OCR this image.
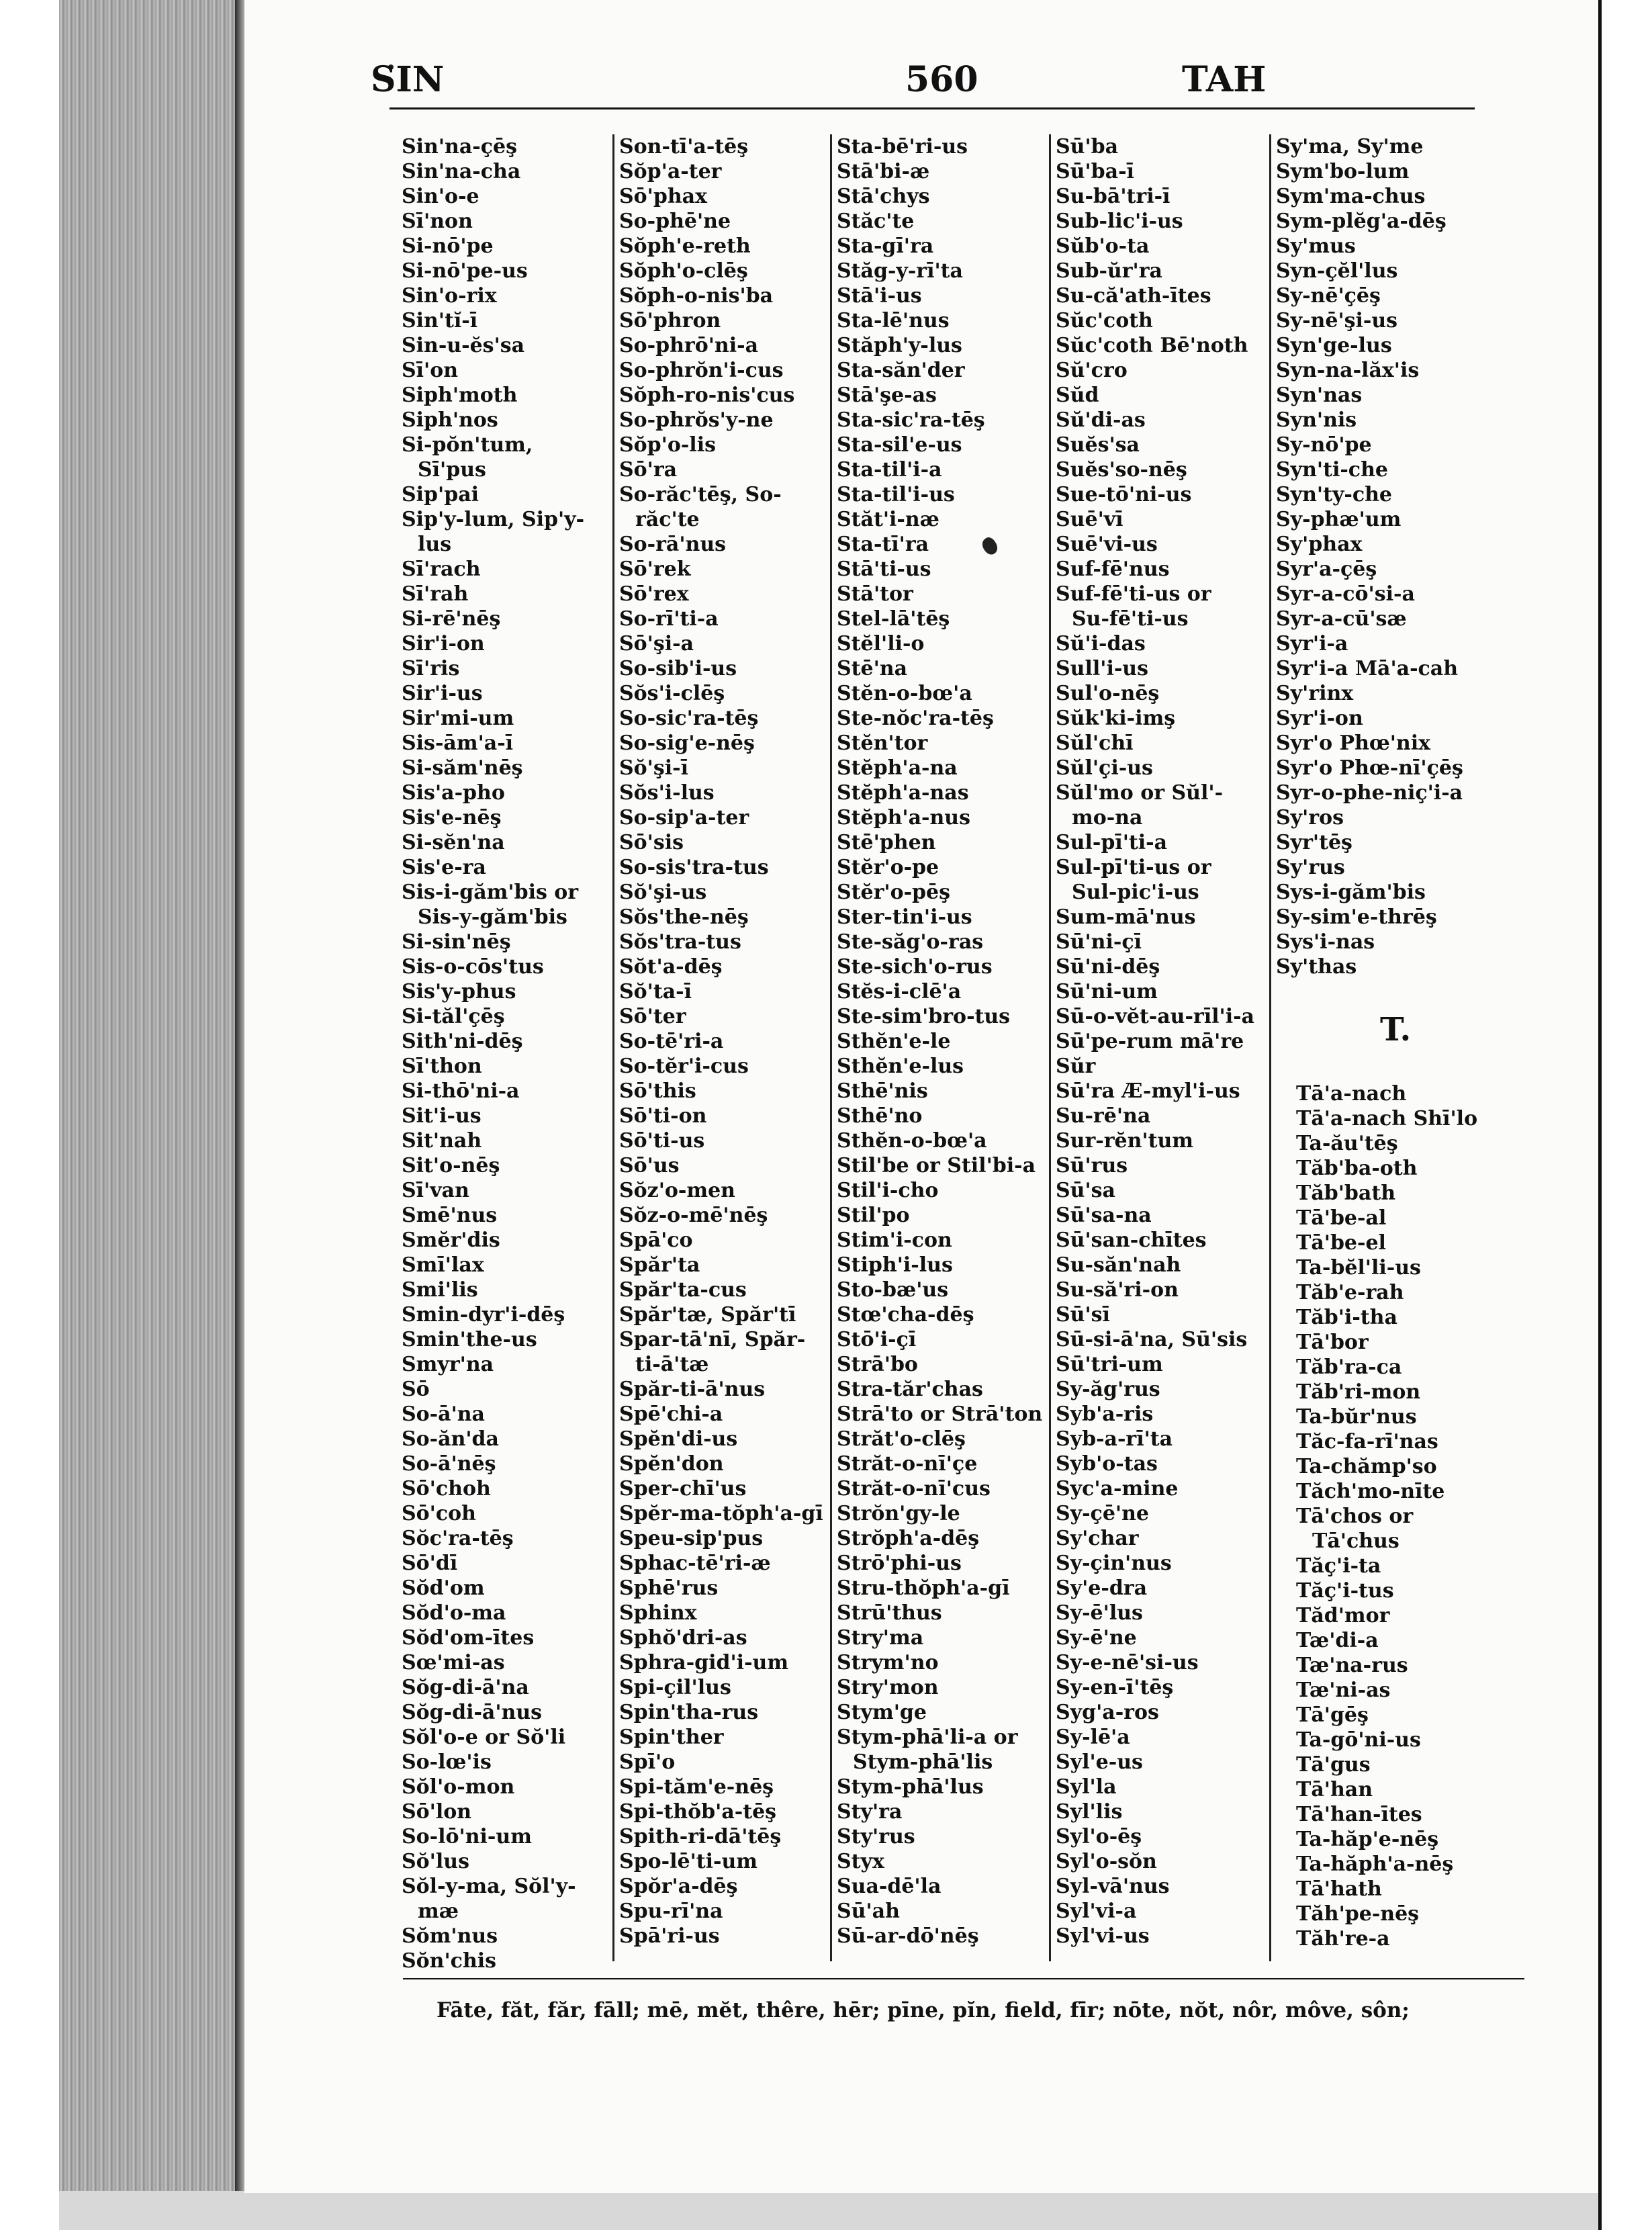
SIN	560	TAH
Sin'na-çēş
Sin'na-cha
Sin'o-e
Sī'non
Si-nō'pe
Si-nō'pe-us
Sin'o-rix
Sin'tĭ-ī
Sin-u-ĕs'sa
Sī'on
Siph'moth
Siph'nos
Si-pŏn'tum,
Sī'pus
Sip'pai
Sip'y-lum, Sip'y-
lus
Sī'rach
Sī'rah
Si-rē'nēş
Sir'i-on
Sī'ris
Sir'i-us
Sir'mi-um
Sis-ām'a-ī
Si-săm'nēş
Sis'a-pho
Sis'e-nēş
Si-sĕn'na
Sis'e-ra
Sis-i-găm'bis or
Sis-y-găm'bis
Si-sin'nēş
Sis-o-cōs'tus
Sis'y-phus
Si-tăl'çēş
Sith'ni-dēş
Sī'thon
Si-thō'ni-a
Sit'i-us
Sit'nah
Sit'o-nēş
Sī'van
Smē'nus
Smĕr'dis
Smī'lax
Smi'lis
Smin-dyr'i-dēş
Smin'the-us
Smyr'na
Sō
So-ā'na
So-ăn'da
So-ā'nēş
Sō'choh
Sō'coh
Sŏc'ra-tēş
Sō'dī
Sŏd'om
Sŏd'o-ma
Sŏd'om-ītes
Sœ'mi-as
Sŏg-di-ā'na
Sŏg-di-ā'nus
Sŏl'o-e or Sŏ'li
So-lœ'is
Sŏl'o-mon
Sō'lon
So-lō'ni-um
Sŏ'lus
Sŏl-y-ma, Sŏl'y-
mæ
Sŏm'nus
Sŏn'chis
Son-tī'a-tēş
Sŏp'a-ter
Sō'phax
So-phē'ne
Sŏph'e-reth
Sŏph'o-clēş
Sŏph-o-nis'ba
Sō'phron
So-phrō'ni-a
So-phrŏn'i-cus
Sŏph-ro-nis'cus
So-phrŏs'y-ne
Sŏp'o-lis
Sō'ra
So-răc'tēş, So-
răc'te
So-rā'nus
Sō'rek
Sō'rex
So-rī'ti-a
Sō'şi-a
So-sib'i-us
Sŏs'i-clēş
So-sic'ra-tēş
So-sig'e-nēş
Sŏ'şi-ī
Sŏs'i-lus
So-sip'a-ter
Sō'sis
So-sis'tra-tus
Sŏ'şi-us
Sŏs'the-nēş
Sŏs'tra-tus
Sŏt'a-dēş
Sŏ'ta-ī
Sō'ter
So-tē'ri-a
So-tĕr'i-cus
Sō'this
Sō'ti-on
Sō'ti-us
Sō'us
Sŏz'o-men
Sŏz-o-mē'nēş
Spā'co
Spăr'ta
Spăr'ta-cus
Spăr'tæ, Spăr'tī
Spar-tā'nī, Spăr-
ti-ā'tæ
Spăr-ti-ā'nus
Spē'chi-a
Spĕn'di-us
Spĕn'don
Sper-chī'us
Spĕr-ma-tŏph'a-gī
Speu-sip'pus
Sphac-tē'ri-æ
Sphē'rus
Sphinx
Sphŏ'dri-as
Sphra-gid'i-um
Spi-çil'lus
Spin'tha-rus
Spin'ther
Spī'o
Spi-tăm'e-nēş
Spi-thŏb'a-tēş
Spith-ri-dā'tēş
Spo-lē'ti-um
Spŏr'a-dēş
Spu-rī'na
Spā'ri-us
Sta-bē'ri-us
Stā'bi-æ
Stā'chys
Stăc'te
Sta-gī'ra
Stăg-y-rī'ta
Stā'i-us
Sta-lē'nus
Stăph'y-lus
Sta-săn'der
Stā'şe-as
Sta-sic'ra-tēş
Sta-sil'e-us
Sta-til'i-a
Sta-til'i-us
Stăt'i-næ
Sta-tī'ra
Stā'ti-us
Stā'tor
Stel-lā'tēş
Stĕl'li-o
Stē'na
Stĕn-o-bœ'a
Ste-nŏc'ra-tēş
Stĕn'tor
Stĕph'a-na
Stĕph'a-nas
Stĕph'a-nus
Stē'phen
Stĕr'o-pe
Stĕr'o-pēş
Ster-tin'i-us
Ste-săg'o-ras
Ste-sich'o-rus
Stĕs-i-clē'a
Ste-sim'bro-tus
Sthĕn'e-le
Sthĕn'e-lus
Sthē'nis
Sthē'no
Sthĕn-o-bœ'a
Stil'be or Stil'bi-a
Stil'i-cho
Stil'po
Stim'i-con
Stiph'i-lus
Sto-bæ'us
Stœ'cha-dēş
Stō'i-çī
Strā'bo
Stra-tăr'chas
Strā'to or Strā'ton
Străt'o-clēş
Străt-o-nī'çe
Străt-o-nī'cus
Strŏn'gy-le
Strŏph'a-dēş
Strō'phi-us
Stru-thŏph'a-gī
Strū'thus
Stry'ma
Strym'no
Stry'mon
Stym'ge
Stym-phā'li-a or
Stym-phā'lis
Stym-phā'lus
Sty'ra
Sty'rus
Styx
Sua-dē'la
Sū'ah
Sū-ar-dō'nēş
Sū'ba
Sū'ba-ī
Su-bā'tri-ī
Sub-lic'i-us
Sŭb'o-ta
Sub-ŭr'ra
Su-că'ath-ītes
Sŭc'coth
Sŭc'coth Bē'noth
Sŭ'cro
Sŭd
Sŭ'di-as
Suĕs'sa
Suĕs'so-nēş
Sue-tō'ni-us
Suē'vī
Suē'vi-us
Suf-fē'nus
Suf-fē'ti-us or
Su-fē'ti-us
Sŭ'i-das
Sull'i-us
Sul'o-nēş
Sŭk'ki-imş
Sŭl'chī
Sŭl'çi-us
Sŭl'mo or Sŭl'-
mo-na
Sul-pī'ti-a
Sul-pī'ti-us or
Sul-pic'i-us
Sum-mā'nus
Sū'ni-çī
Sū'ni-dēş
Sū'ni-um
Sū-o-vĕt-au-rīl'i-a
Sū'pe-rum mā're
Sŭr
Sū'ra Æ-myl'i-us
Su-rē'na
Sur-rĕn'tum
Sū'rus
Sū'sa
Sū'sa-na
Sū'san-chītes
Su-săn'nah
Su-să'ri-on
Sū'sī
Sū-si-ā'na, Sū'sis
Sū'tri-um
Sy-ăg'rus
Syb'a-ris
Syb-a-rī'ta
Syb'o-tas
Syc'a-mine
Sy-çē'ne
Sy'char
Sy-çin'nus
Sy'e-dra
Sy-ē'lus
Sy-ē'ne
Sy-e-nē'si-us
Sy-en-ī'tēş
Syg'a-ros
Sy-lē'a
Syl'e-us
Syl'la
Syl'lis
Syl'o-ēş
Syl'o-sŏn
Syl-vā'nus
Syl'vi-a
Syl'vi-us
Sy'ma, Sy'me
Sym'bo-lum
Sym'ma-chus
Sym-plĕg'a-dēş
Sy'mus
Syn-çĕl'lus
Sy-nē'çēş
Sy-nē'şi-us
Syn'ge-lus
Syn-na-lăx'is
Syn'nas
Syn'nis
Sy-nō'pe
Syn'ti-che
Syn'ty-che
Sy-phæ'um
Sy'phax
Syr'a-çēş
Syr-a-cō'si-a
Syr-a-cū'sæ
Syr'i-a
Syr'i-a Mā'a-cah
Sy'rinx
Syr'i-on
Syr'o Phœ'nix
Syr'o Phœ-nī'çēş
Syr-o-phe-niç'i-a
Sy'ros
Syr'tēş
Sy'rus
Sys-i-găm'bis
Sy-sim'e-thrēş
Sys'i-nas
Sy'thas
T.
Tā'a-nach
Tā'a-nach Shī'lo
Ta-ău'tēş
Tăb'ba-oth
Tăb'bath
Tā'be-al
Tā'be-el
Ta-bĕl'li-us
Tăb'e-rah
Tăb'i-tha
Tā'bor
Tăb'ra-ca
Tăb'ri-mon
Ta-bŭr'nus
Tăc-fa-rī'nas
Ta-chămp'so
Tăch'mo-nīte
Tā'chos or
Tā'chus
Tăç'i-ta
Tăç'i-tus
Tăd'mor
Tæ'di-a
Tæ'na-rus
Tæ'ni-as
Tā'gēş
Ta-gō'ni-us
Tā'gus
Tā'han
Tā'han-ītes
Ta-hăp'e-nēş
Ta-hăph'a-nēş
Tā'hath
Tăh'pe-nēş
Tăh're-a
Fāte, făt, făr, fāll; mē, mĕt, thêre, hēr; pīne, pĭn, field, fīr; nōte, nŏt, nôr, môve, sôn;
